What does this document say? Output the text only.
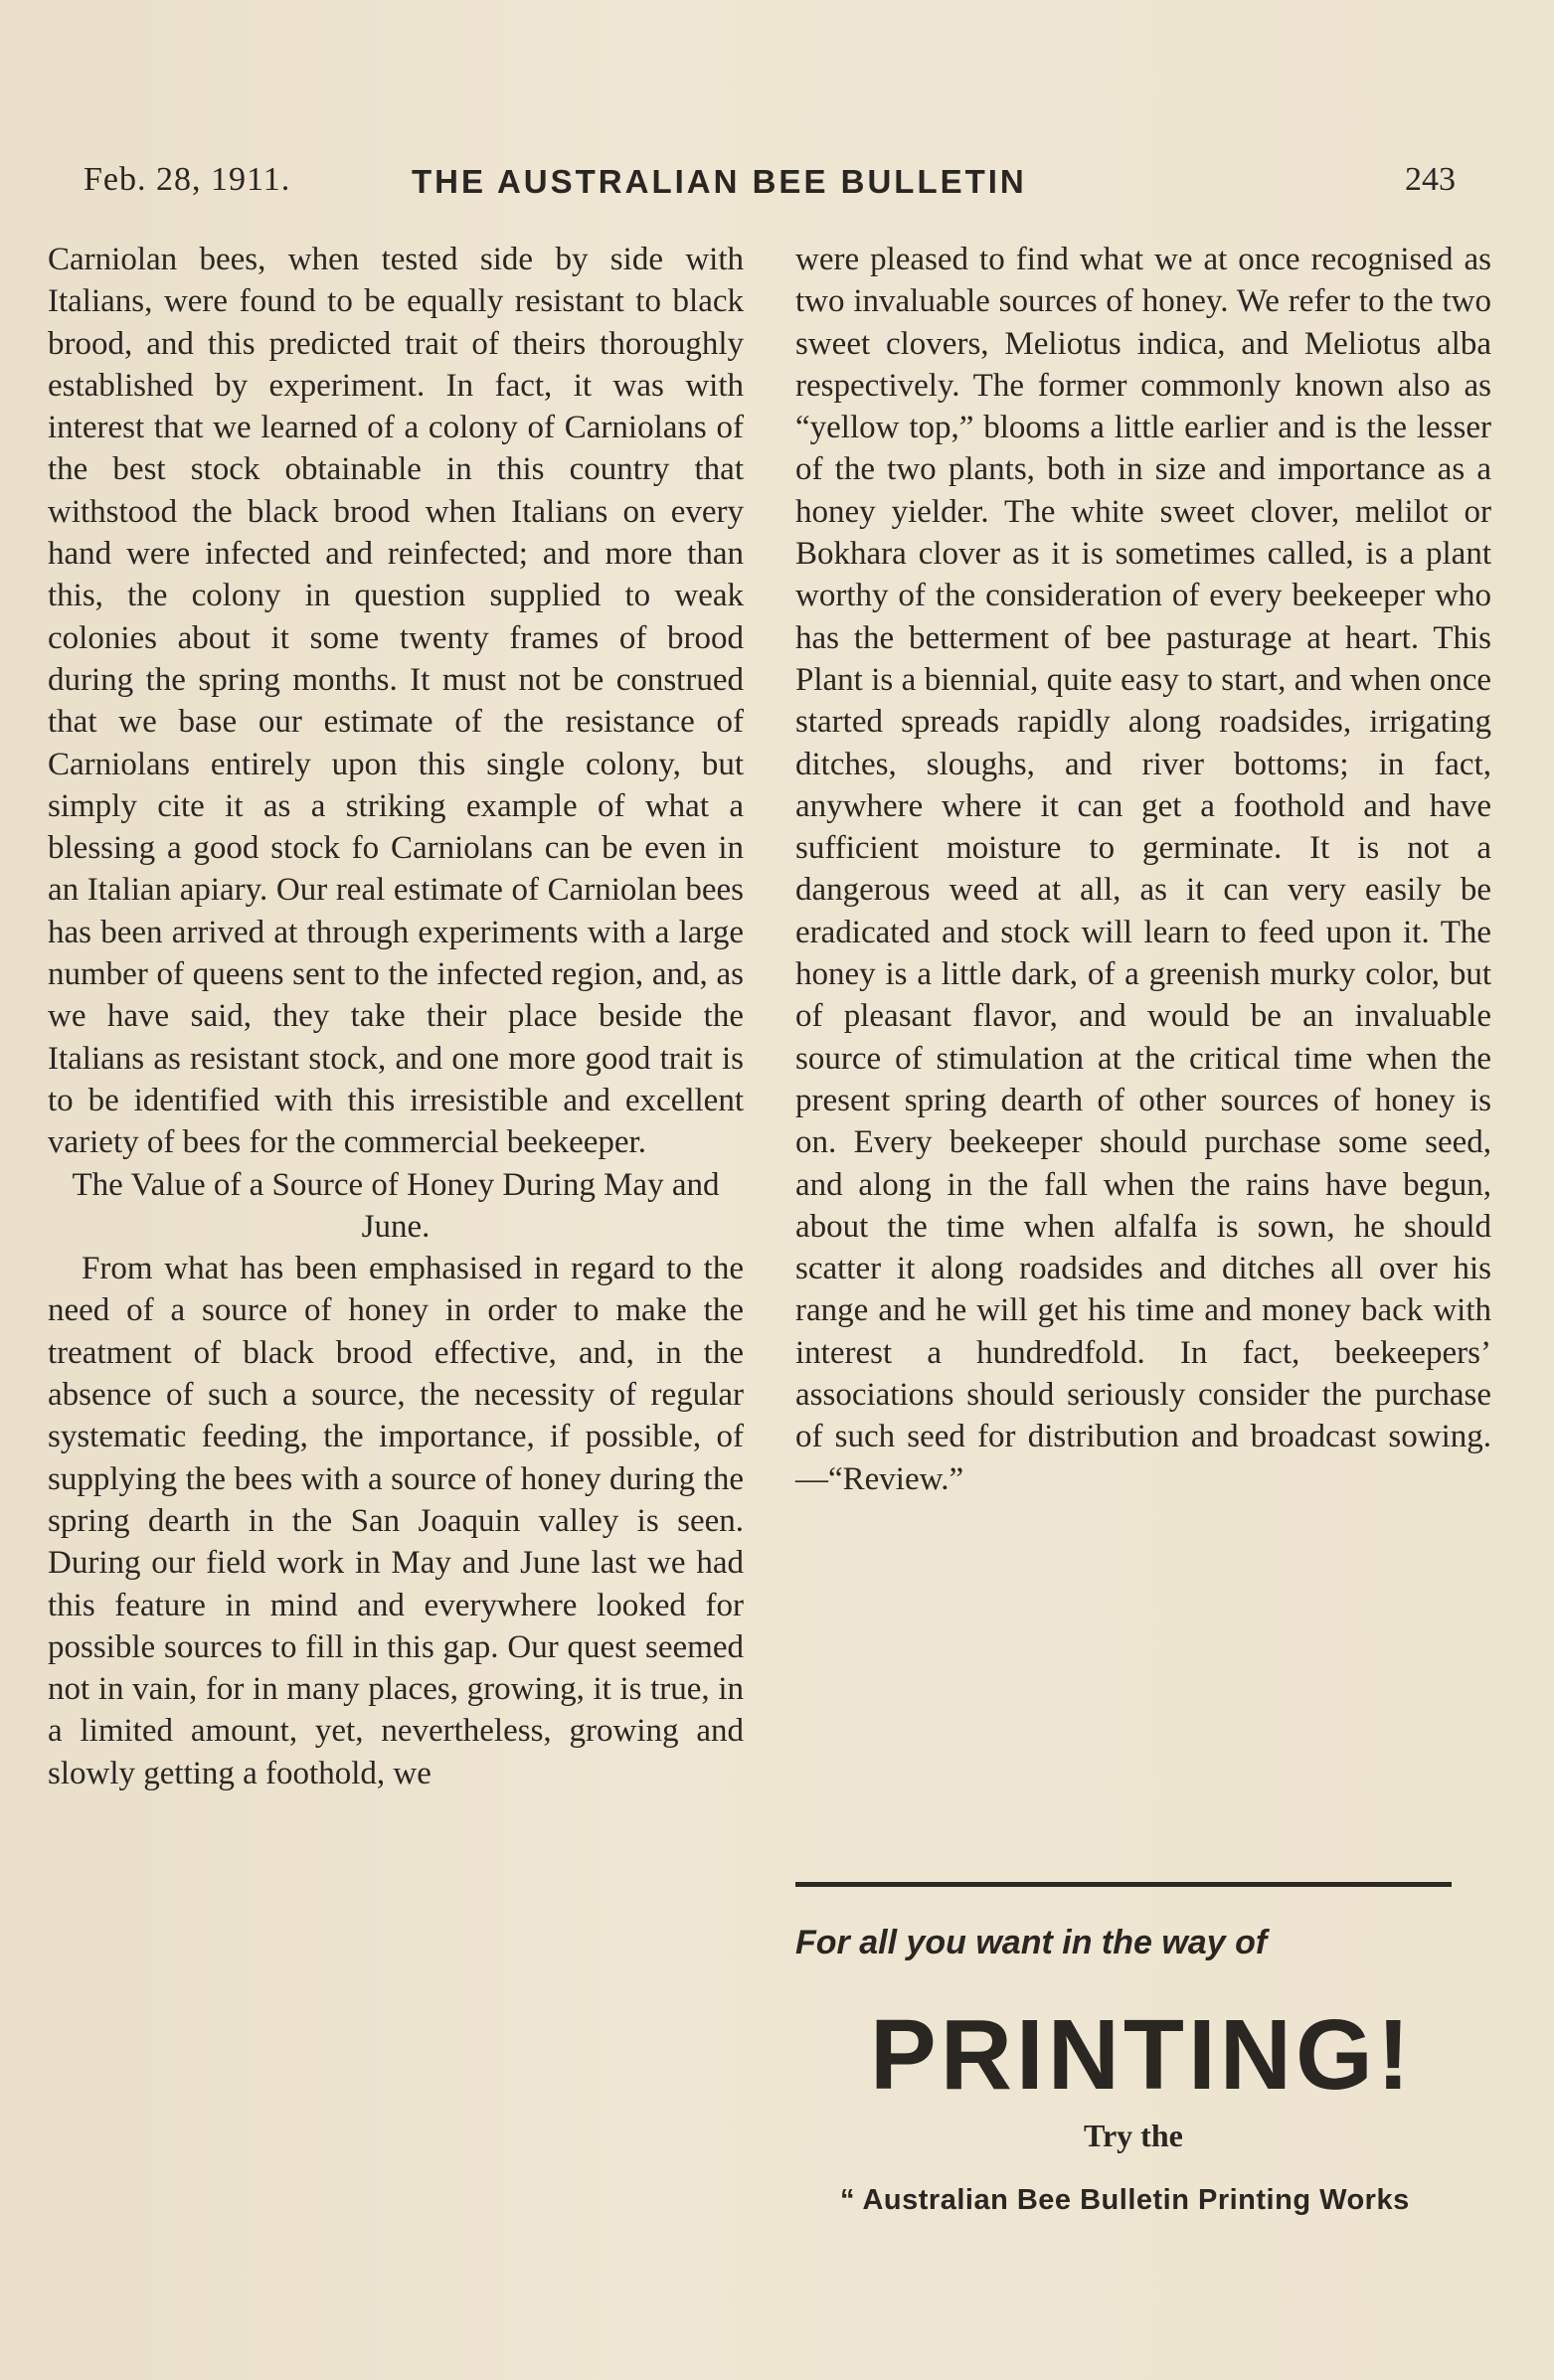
Feb. 28, 1911.	THE AUSTRALIAN BEE BULLETIN	243

Carniolan bees, when tested side by side with Italians, were found to be equally resistant to black brood, and this predicted trait of theirs thoroughly established by experiment. In fact, it was with interest that we learned of a colony of Carniolans of the best stock obtainable in this country that withstood the black brood when Italians on every hand were infected and reinfected; and more than this, the colony in question supplied to weak colonies about it some twenty frames of brood during the spring months. It must not be construed that we base our estimate of the resistance of Carniolans entirely upon this single colony, but simply cite it as a striking example of what a blessing a good stock fo Carniolans can be even in an Italian apiary. Our real estimate of Carniolan bees has been arrived at through experiments with a large number of queens sent to the infected region, and, as we have said, they take their place beside the Italians as resistant stock, and one more good trait is to be identified with this irresistible and excellent variety of bees for the commercial beekeeper.

The Value of a Source of Honey During May and June.

From what has been emphasised in regard to the need of a source of honey in order to make the treatment of black brood effective, and, in the absence of such a source, the necessity of regular systematic feeding, the importance, if possible, of supplying the bees with a source of honey during the spring dearth in the San Joaquin valley is seen. During our field work in May and June last we had this feature in mind and everywhere looked for possible sources to fill in this gap. Our quest seemed not in vain, for in many places, growing, it is true, in a limited amount, yet, nevertheless, growing and slowly getting a foothold, we

were pleased to find what we at once recognised as two invaluable sources of honey. We refer to the two sweet clovers, Meliotus indica, and Meliotus alba respectively. The former commonly known also as “yellow top,” blooms a little earlier and is the lesser of the two plants, both in size and importance as a honey yielder. The white sweet clover, melilot or Bokhara clover as it is sometimes called, is a plant worthy of the consideration of every beekeeper who has the betterment of bee pasturage at heart. This Plant is a biennial, quite easy to start, and when once started spreads rapidly along roadsides, irrigating ditches, sloughs, and river bottoms; in fact, anywhere where it can get a foothold and have sufficient moisture to germinate. It is not a dangerous weed at all, as it can very easily be eradicated and stock will learn to feed upon it. The honey is a little dark, of a greenish murky color, but of pleasant flavor, and would be an invaluable source of stimulation at the critical time when the present spring dearth of other sources of honey is on. Every beekeeper should purchase some seed, and along in the fall when the rains have begun, about the time when alfalfa is sown, he should scatter it along roadsides and ditches all over his range and he will get his time and money back with interest a hundredfold. In fact, beekeepers’ associations should seriously consider the purchase of such seed for distribution and broadcast sowing.—“Review.”

For all you want in the way of
PRINTING!
Try the
“ Australian Bee Bulletin Printing Works
